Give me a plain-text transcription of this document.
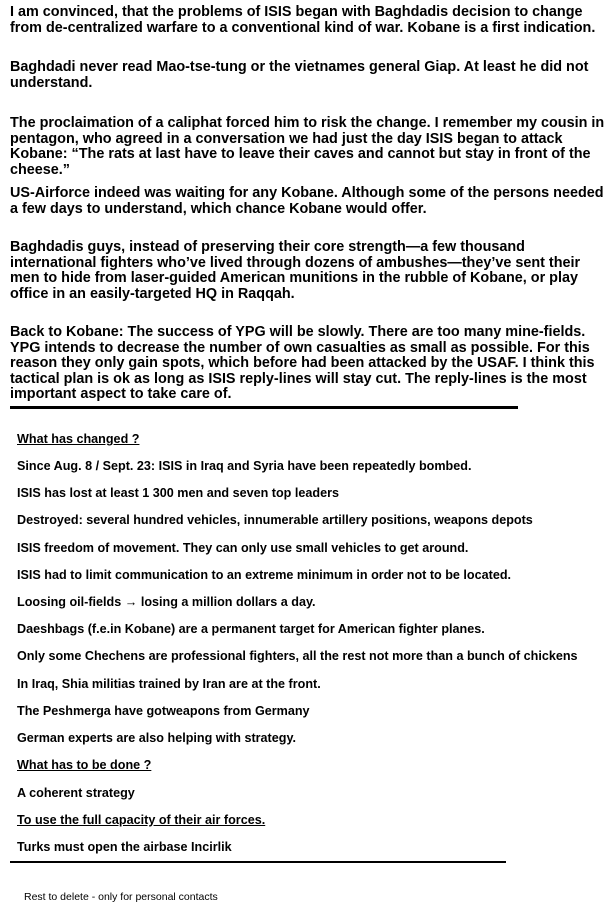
I am convinced, that the problems of ISIS began with Baghdadis decision to change from de-centralized warfare to a conventional kind of war. Kobane is a first indication.

Baghdadi never read Mao-tse-tung or the vietnames general Giap. At least he did not understand.

The proclaimation of a caliphat forced him to risk the change. I remember my cousin in pentagon, who agreed in a conversation we had just the day ISIS began to attack Kobane: “The rats at last have to leave their caves and cannot but stay in front of the cheese.”

US-Airforce indeed was waiting for any Kobane. Although some of the persons needed a few days to understand, which chance Kobane would offer.

Baghdadis guys, instead of preserving their core strength—a few thousand international fighters who’ve lived through dozens of ambushes—they’ve sent their men to hide from laser-guided American munitions in the rubble of Kobane, or play office in an easily-targeted HQ in Raqqah.

Back to Kobane: The success of YPG will be slowly. There are too many mine-fields. YPG intends to decrease the number of own casualties as small as possible. For this reason they only gain spots, which before had been attacked by the USAF. I think this tactical plan is ok as long as ISIS reply-lines will stay cut. The reply-lines is the most important aspect to take care of.

What has changed ?

Since Aug. 8 / Sept. 23: ISIS in Iraq and Syria have been repeatedly bombed.

ISIS has lost at least 1 300 men and seven top leaders

Destroyed: several hundred vehicles, innumerable artillery positions, weapons depots

ISIS freedom of movement. They can only use small vehicles to get around.

ISIS had to limit communication to an extreme minimum in order not to be located.

Loosing oil-fields → losing a million dollars a day.

Daeshbags (f.e.in Kobane) are a permanent target for American fighter planes.

Only some Chechens are professional fighters, all the rest not more than a bunch of chickens

In Iraq, Shia militias trained by Iran are at the front.

The Peshmerga have gotweapons from Germany

German experts are also helping with strategy.

What has to be done ?

A coherent strategy

To use the full capacity of their air forces.

Turks must open the airbase Incirlik

Rest to delete - only for personal contacts
